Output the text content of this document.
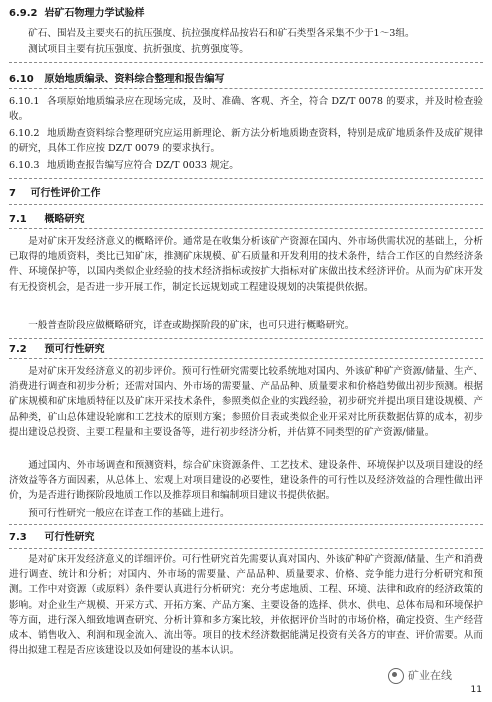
6.9.2 岩矿石物理力学试验样
矿石、围岩及主要夹石的抗压强度、抗拉强度样品按岩石和矿石类型各采集不少于1～3组。
测试项目主要有抗压强度、抗折强度、抗剪强度等。
6.10 原始地质编录、资料综合整理和报告编写
6.10.1 各项原始地质编录应在现场完成，及时、准确、客观、齐全，符合 DZ/T 0078 的要求，并及时检查验收。
6.10.2 地质勘查资料综合整理研究应运用新理论、新方法分析地质勘查资料，特别是成矿地质条件及成矿规律的研究，具体工作应按 DZ/T 0079 的要求执行。
6.10.3 地质勘查报告编写应符合 DZ/T 0033 规定。
7 可行性评价工作
7.1 概略研究
是对矿床开发经济意义的概略评价。通常是在收集分析该矿产资源在国内、外市场供需状况的基础上，分析已取得的地质资料，类比已知矿床，推测矿床规模、矿石质量和开发利用的技术条件，结合工作区的自然经济条件、环境保护等，以国内类似企业经验的技术经济指标或按扩大指标对矿床做出技术经济评价。从而为矿床开发有无投资机会，是否进一步开展工作，制定长远规划或工程建设规划的决策提供依据。
一般普查阶段应做概略研究，详查或勘探阶段的矿床，也可只进行概略研究。
7.2 预可行性研究
是对矿床开发经济意义的初步评价。预可行性研究需要比较系统地对国内、外该矿种矿产资源/储量、生产、消费进行调查和初步分析；还需对国内、外市场的需要量、产品品种、质量要求和价格趋势做出初步预测。根据矿床规模和矿床地质特征以及矿床开采技术条件，参照类似企业的实践经验，初步研究并提出项目建设规模、产品种类，矿山总体建设轮廓和工艺技术的原则方案；参照价目表或类似企业开采对比所获数据估算的成本，初步提出建设总投资、主要工程量和主要设备等，进行初步经济分析，并估算不同类型的矿产资源/储量。
通过国内、外市场调查和预测资料，综合矿床资源条件、工艺技术、建设条件、环境保护以及项目建设的经济效益等各方面因素，从总体上、宏观上对项目建设的必要性，建设条件的可行性以及经济效益的合理性做出评价，为是否进行勘探阶段地质工作以及推荐项目和编制项目建议书提供依据。
预可行性研究一般应在详查工作的基础上进行。
7.3 可行性研究
是对矿床开发经济意义的详细评价。可行性研究首先需要认真对国内、外该矿种矿产资源/储量、生产和消费进行调查、统计和分析；对国内、外市场的需要量、产品品种、质量要求、价格、竞争能力进行分析研究和预测。工作中对资源（或原料）条件要认真进行分析研究：充分考虑地质、工程、环境、法律和政府的经济政策的影响。对企业生产规模、开采方式、开拓方案、产品方案、主要设备的选择、供水、供电、总体布局和环境保护等方面，进行深入细致地调查研究、分析计算和多方案比较，并依据评价当时的市场价格，确定投资、生产经营成本、销售收入、利润和现金流入、流出等。项目的技术经济数据能满足投资有关各方的审查、评价需要。从而得出拟建工程是否应该建设以及如何建设的基本认识。
矿业在线
11
